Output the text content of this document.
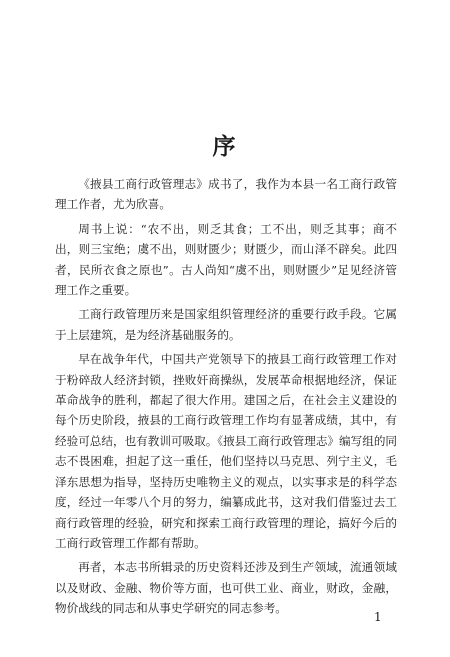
序

《掖县工商行政管理志》成书了，我作为本县一名工商行政管理工作者，尤为欣喜。

周书上说：“农不出，则乏其食；工不出，则乏其事；商不出，则三宝绝；虞不出，则财匮少；财匮少，而山泽不辟矣。此四者，民所衣食之原也”。古人尚知“虞不出，则财匮少”足见经济管理工作之重要。

工商行政管理历来是国家组织管理经济的重要行政手段。它属于上层建筑，是为经济基础服务的。

早在战争年代，中国共产党领导下的掖县工商行政管理工作对于粉碎敌人经济封锁，挫败奸商操纵，发展革命根据地经济，保证革命战争的胜利，都起了很大作用。建国之后，在社会主义建设的每个历史阶段，掖县的工商行政管理工作均有显著成绩，其中，有经验可总结，也有教训可吸取。《掖县工商行政管理志》编写组的同志不畏困难，担起了这一重任，他们坚持以马克思、列宁主义，毛泽东思想为指导，坚持历史唯物主义的观点，以实事求是的科学态度，经过一年零八个月的努力，编纂成此书，这对我们借鉴过去工商行政管理的经验，研究和探索工商行政管理的理论，搞好今后的工商行政管理工作都有帮助。

再者，本志书所辑录的历史资料还涉及到生产领域，流通领域以及财政、金融、物价等方面，也可供工业、商业，财政，金融，物价战线的同志和从事史学研究的同志参考。

1
